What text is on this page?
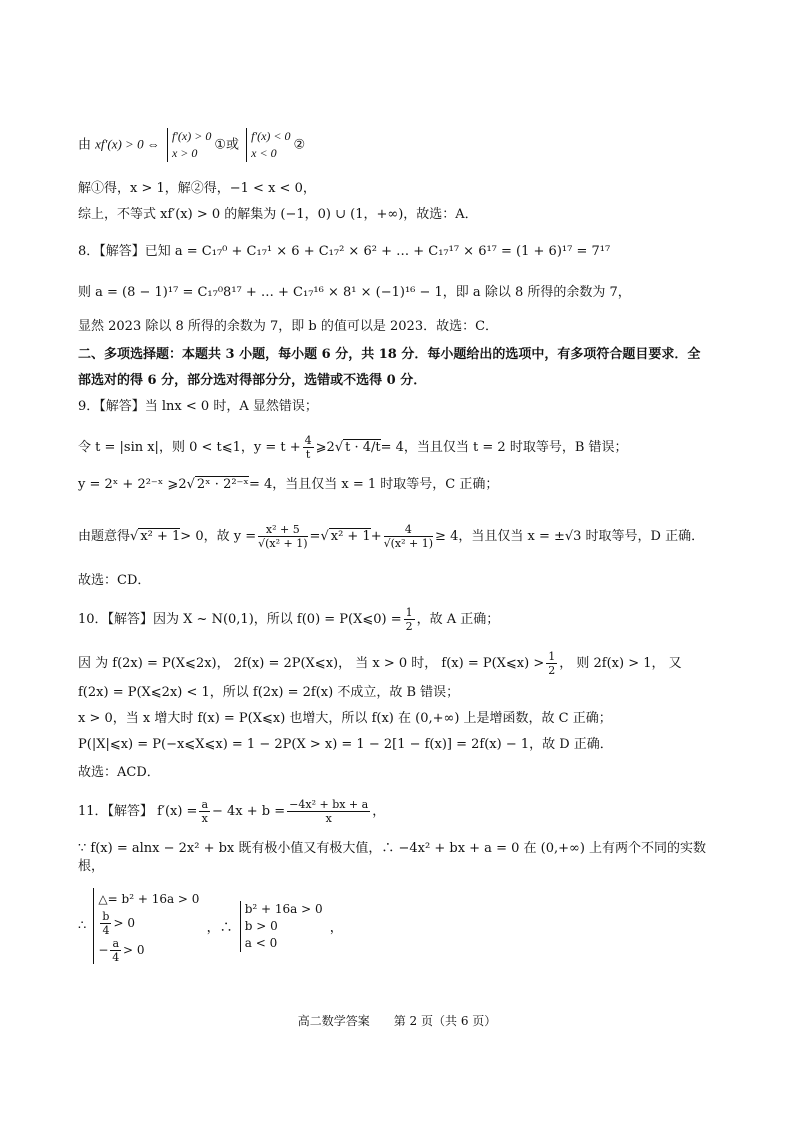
由 xf′(x) > 0 ⇔ f′(x) > 0
x > 0①或 f′(x) < 0
x < 0②
解①得，x > 1，解②得，−1 < x < 0，
综上，不等式 xf′(x) > 0 的解集为 (−1，0) ∪ (1，+∞)，故选：A．
8．【解答】已知 a = C₁₇⁰ + C₁₇¹ × 6 + C₁₇² × 6² + … + C₁₇¹⁷ × 6¹⁷ = (1 + 6)¹⁷ = 7¹⁷
则 a = (8 − 1)¹⁷ = C₁₇⁰8¹⁷ + … + C₁₇¹⁶ × 8¹ × (−1)¹⁶ − 1，即 a 除以 8 所得的余数为 7，
显然 2023 除以 8 所得的余数为 7，即 b 的值可以是 2023．故选：C．
二、多项选择题：本题共 3 小题，每小题 6 分，共 18 分．每小题给出的选项中，有多项符合题目要求．全
部选对的得 6 分，部分选对得部分分，选错或不选得 0 分．
9．【解答】当 lnx < 0 时，A 显然错误；
令 t = |sin x|，则 0 < t⩽1，$y = t + \frac{4}{t}$ ⩾2√ t · 4/t= 4，当且仅当 t = 2 时取等号，B 错误；
y = 2ˣ + 2²⁻ˣ ⩾2√ 2ˣ · 2²⁻ˣ= 4，当且仅当 x = 1 时取等号，C 正确；
由题意得√ x² + 1> 0，故 $y = \frac{\text{x² + 5}}{\text{√(x² + 1)}}$ =√ $x^2 + 1+ \frac{4}{\text{√(x² + 1)}} \ge 4$，当且仅当 x = ±√3 时取等号，D 正确．
故选：CD．
10．【解答】因为 X ~ N(0,1)，所以 f(0) = P(X⩽0) = $\frac{1}{2}$ ，故 A 正确；
因 为 f(2x) = P(X⩽2x)， 2f(x) = 2P(X⩽x)， 当 x > 0 时， f(x) = P(X⩽x) > $\frac{1}{2}$ ， 则 2f(x) > 1， 又
f(2x) = P(X⩽2x) < 1，所以 f(2x) = 2f(x) 不成立，故 B 错误；
x > 0，当 x 增大时 f(x) = P(X⩽x) 也增大，所以 f(x) 在 (0,+∞) 上是增函数，故 C 正确；
P(|X|⩽x) = P(−x⩽X⩽x) = 1 − 2P(X > x) = 1 − 2[1 − f(x)] = 2f(x) − 1，故 D 正确．
故选：ACD．
11．【解答】 $f'(x) = \frac{a}{x} - 4x + b = \frac{\text{−4x² + bx + a}}{x}$ ，
∵ f(x) = alnx − 2x² + bx 既有极小值又有极大值，∴ −4x² + bx + a = 0 在 (0,+∞) 上有两个不同的实数根，
∴ △= b² + 16a > 0

$\frac{b}{4} > 0$
− $\frac{a}{4} > 0$ ，∴ b² + 16a > 0
b > 0
a < 0 ，
高二数学答案　　第 2 页（共 6 页）
